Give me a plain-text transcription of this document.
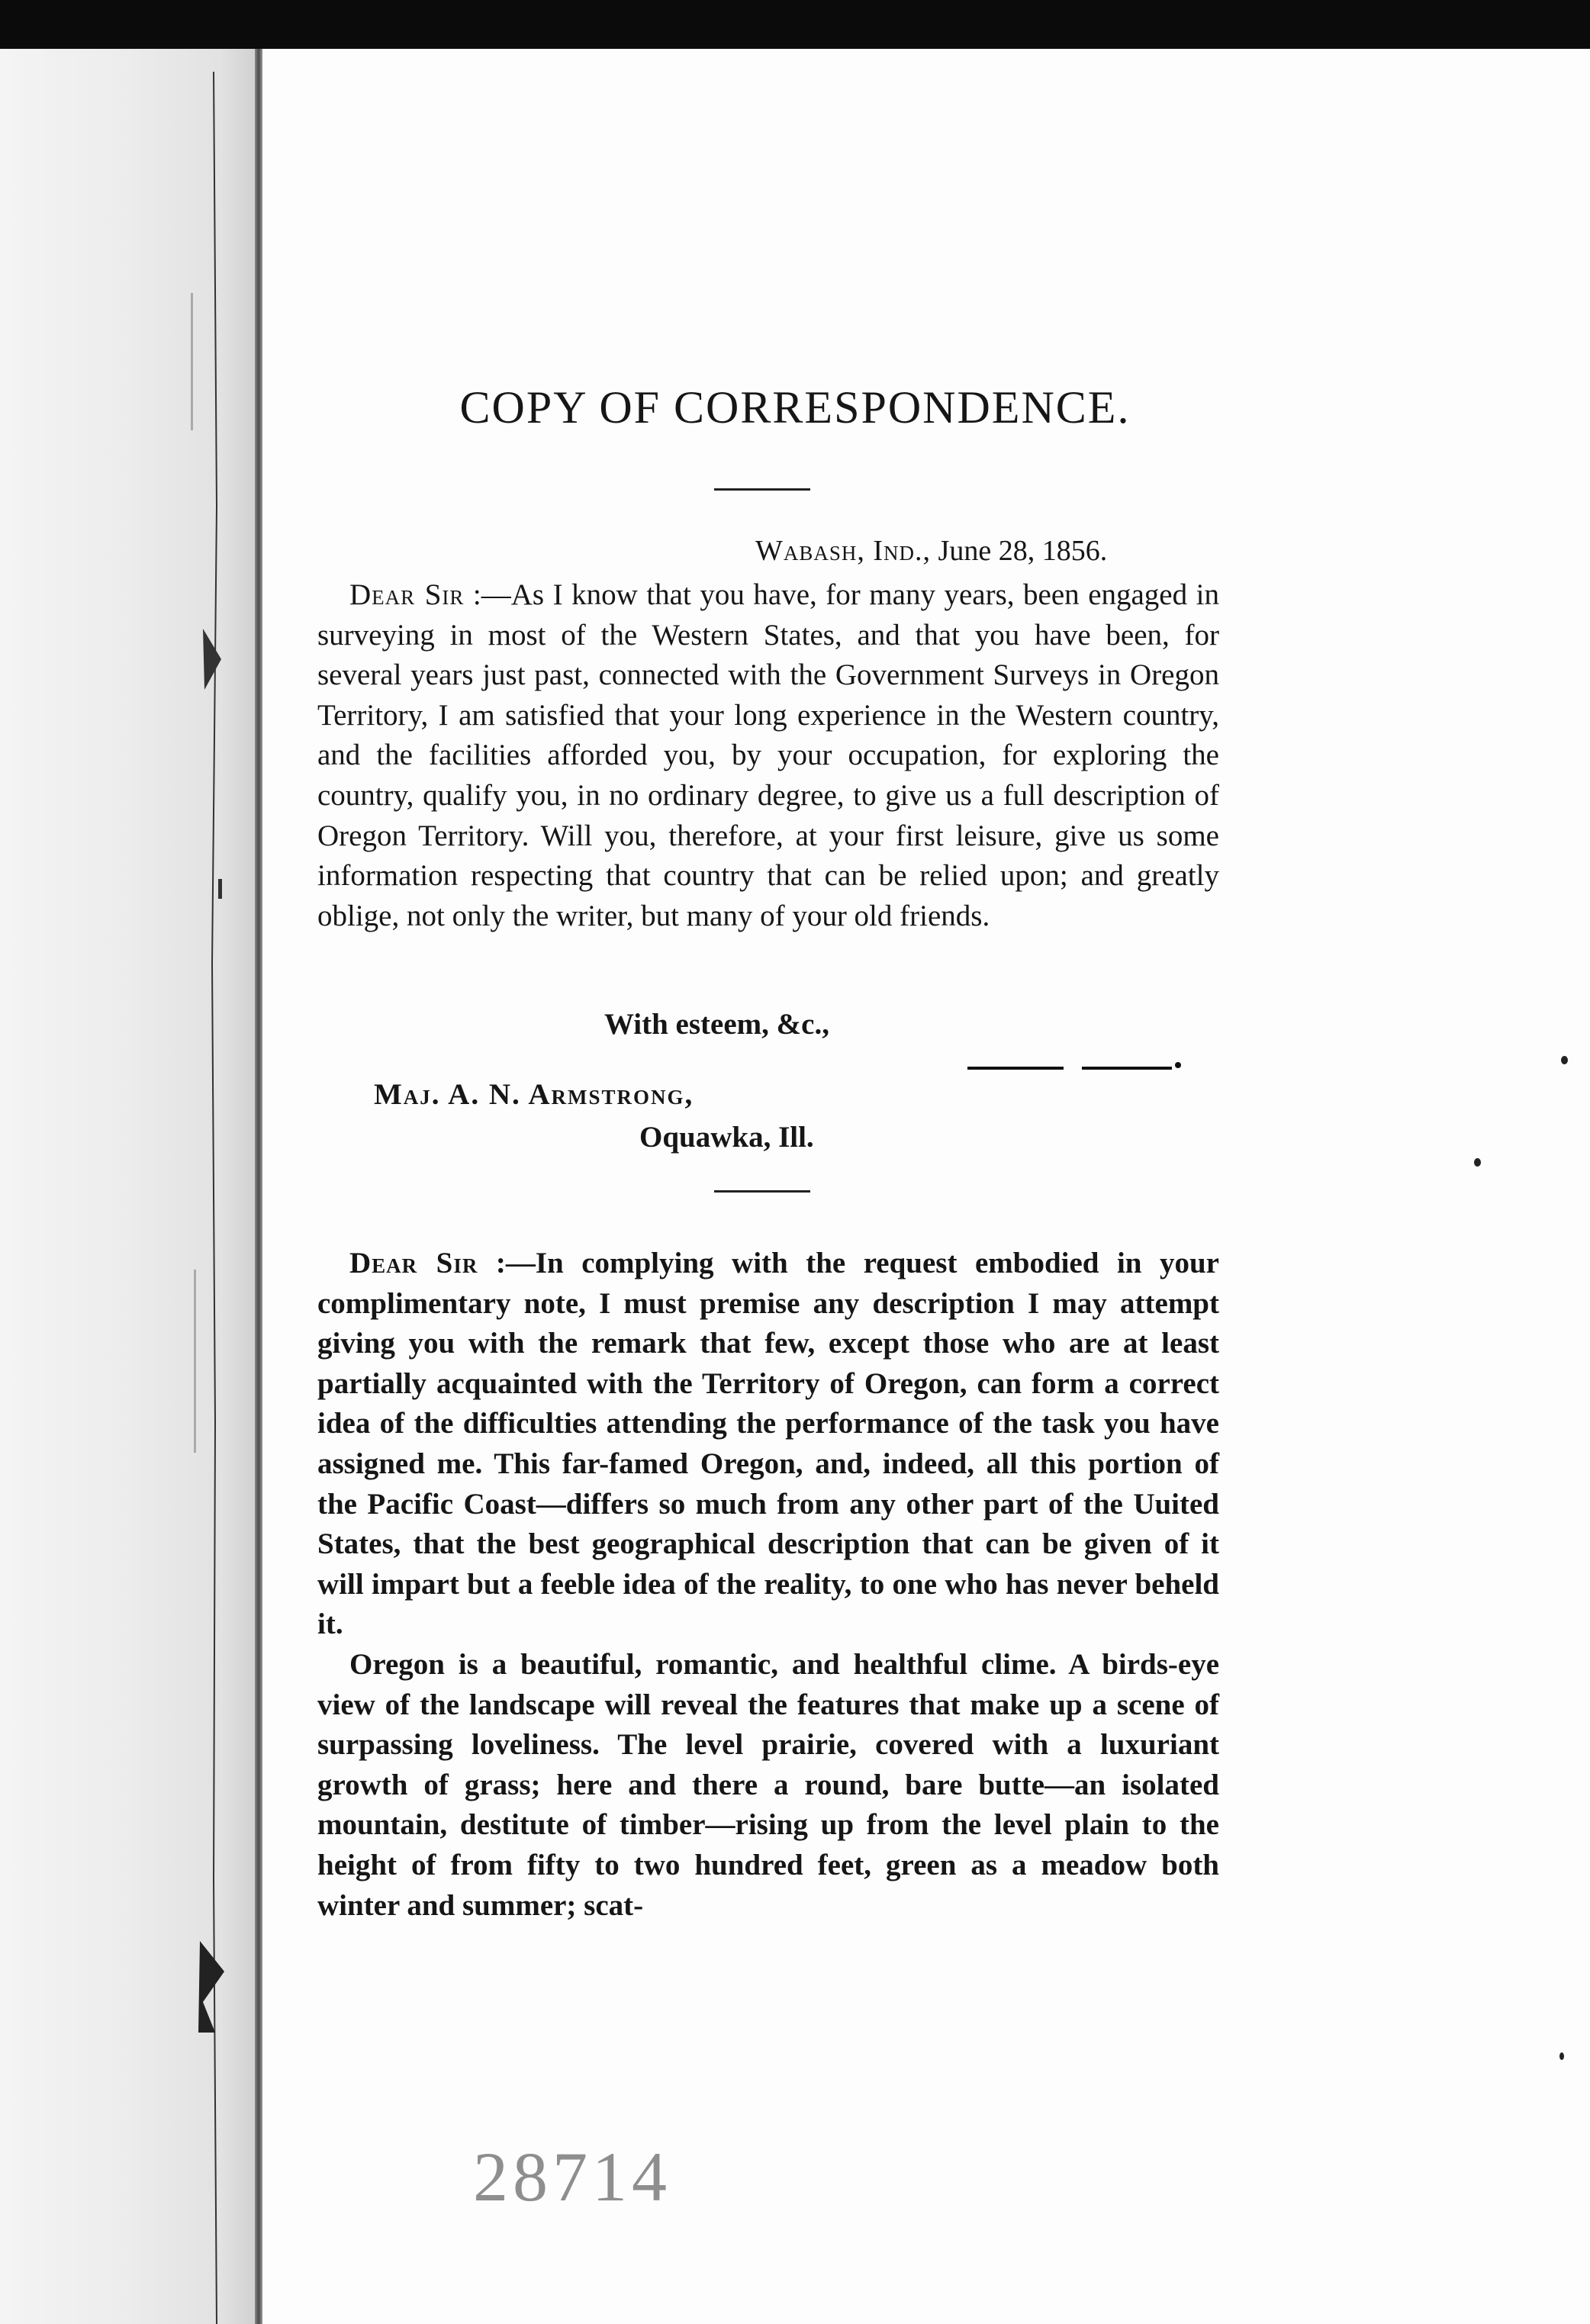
COPY OF CORRESPONDENCE.
Wabash, Ind., June 28, 1856.

Dear Sir :—As I know that you have, for many years, been engaged in surveying in most of the Western States, and that you have been, for several years just past, connected with the Government Surveys in Oregon Territory, I am satisfied that your long experience in the Western country, and the facilities afforded you, by your occupation, for exploring the country, qualify you, in no ordinary degree, to give us a full description of Oregon Territory. Will you, therefore, at your first leisure, give us some information respecting that country that can be relied upon; and greatly oblige, not only the writer, but many of your old friends.

With esteem, &c.,
Maj. A. N. Armstrong,
Oquawka, Ill.

Dear Sir :—In complying with the request embodied in your complimentary note, I must premise any description I may attempt giving you with the remark that few, except those who are at least partially acquainted with the Territory of Oregon, can form a correct idea of the difficulties attending the performance of the task you have assigned me. This far-famed Oregon, and, indeed, all this portion of the Pacific Coast—differs so much from any other part of the Uuited States, that the best geographical description that can be given of it will impart but a feeble idea of the reality, to one who has never beheld it.

Oregon is a beautiful, romantic, and healthful clime. A birds-eye view of the landscape will reveal the features that make up a scene of surpassing loveliness. The level prairie, covered with a luxuriant growth of grass; here and there a round, bare butte—an isolated mountain, destitute of timber—rising up from the level plain to the height of from fifty to two hundred feet, green as a meadow both winter and summer; scat-

28714
